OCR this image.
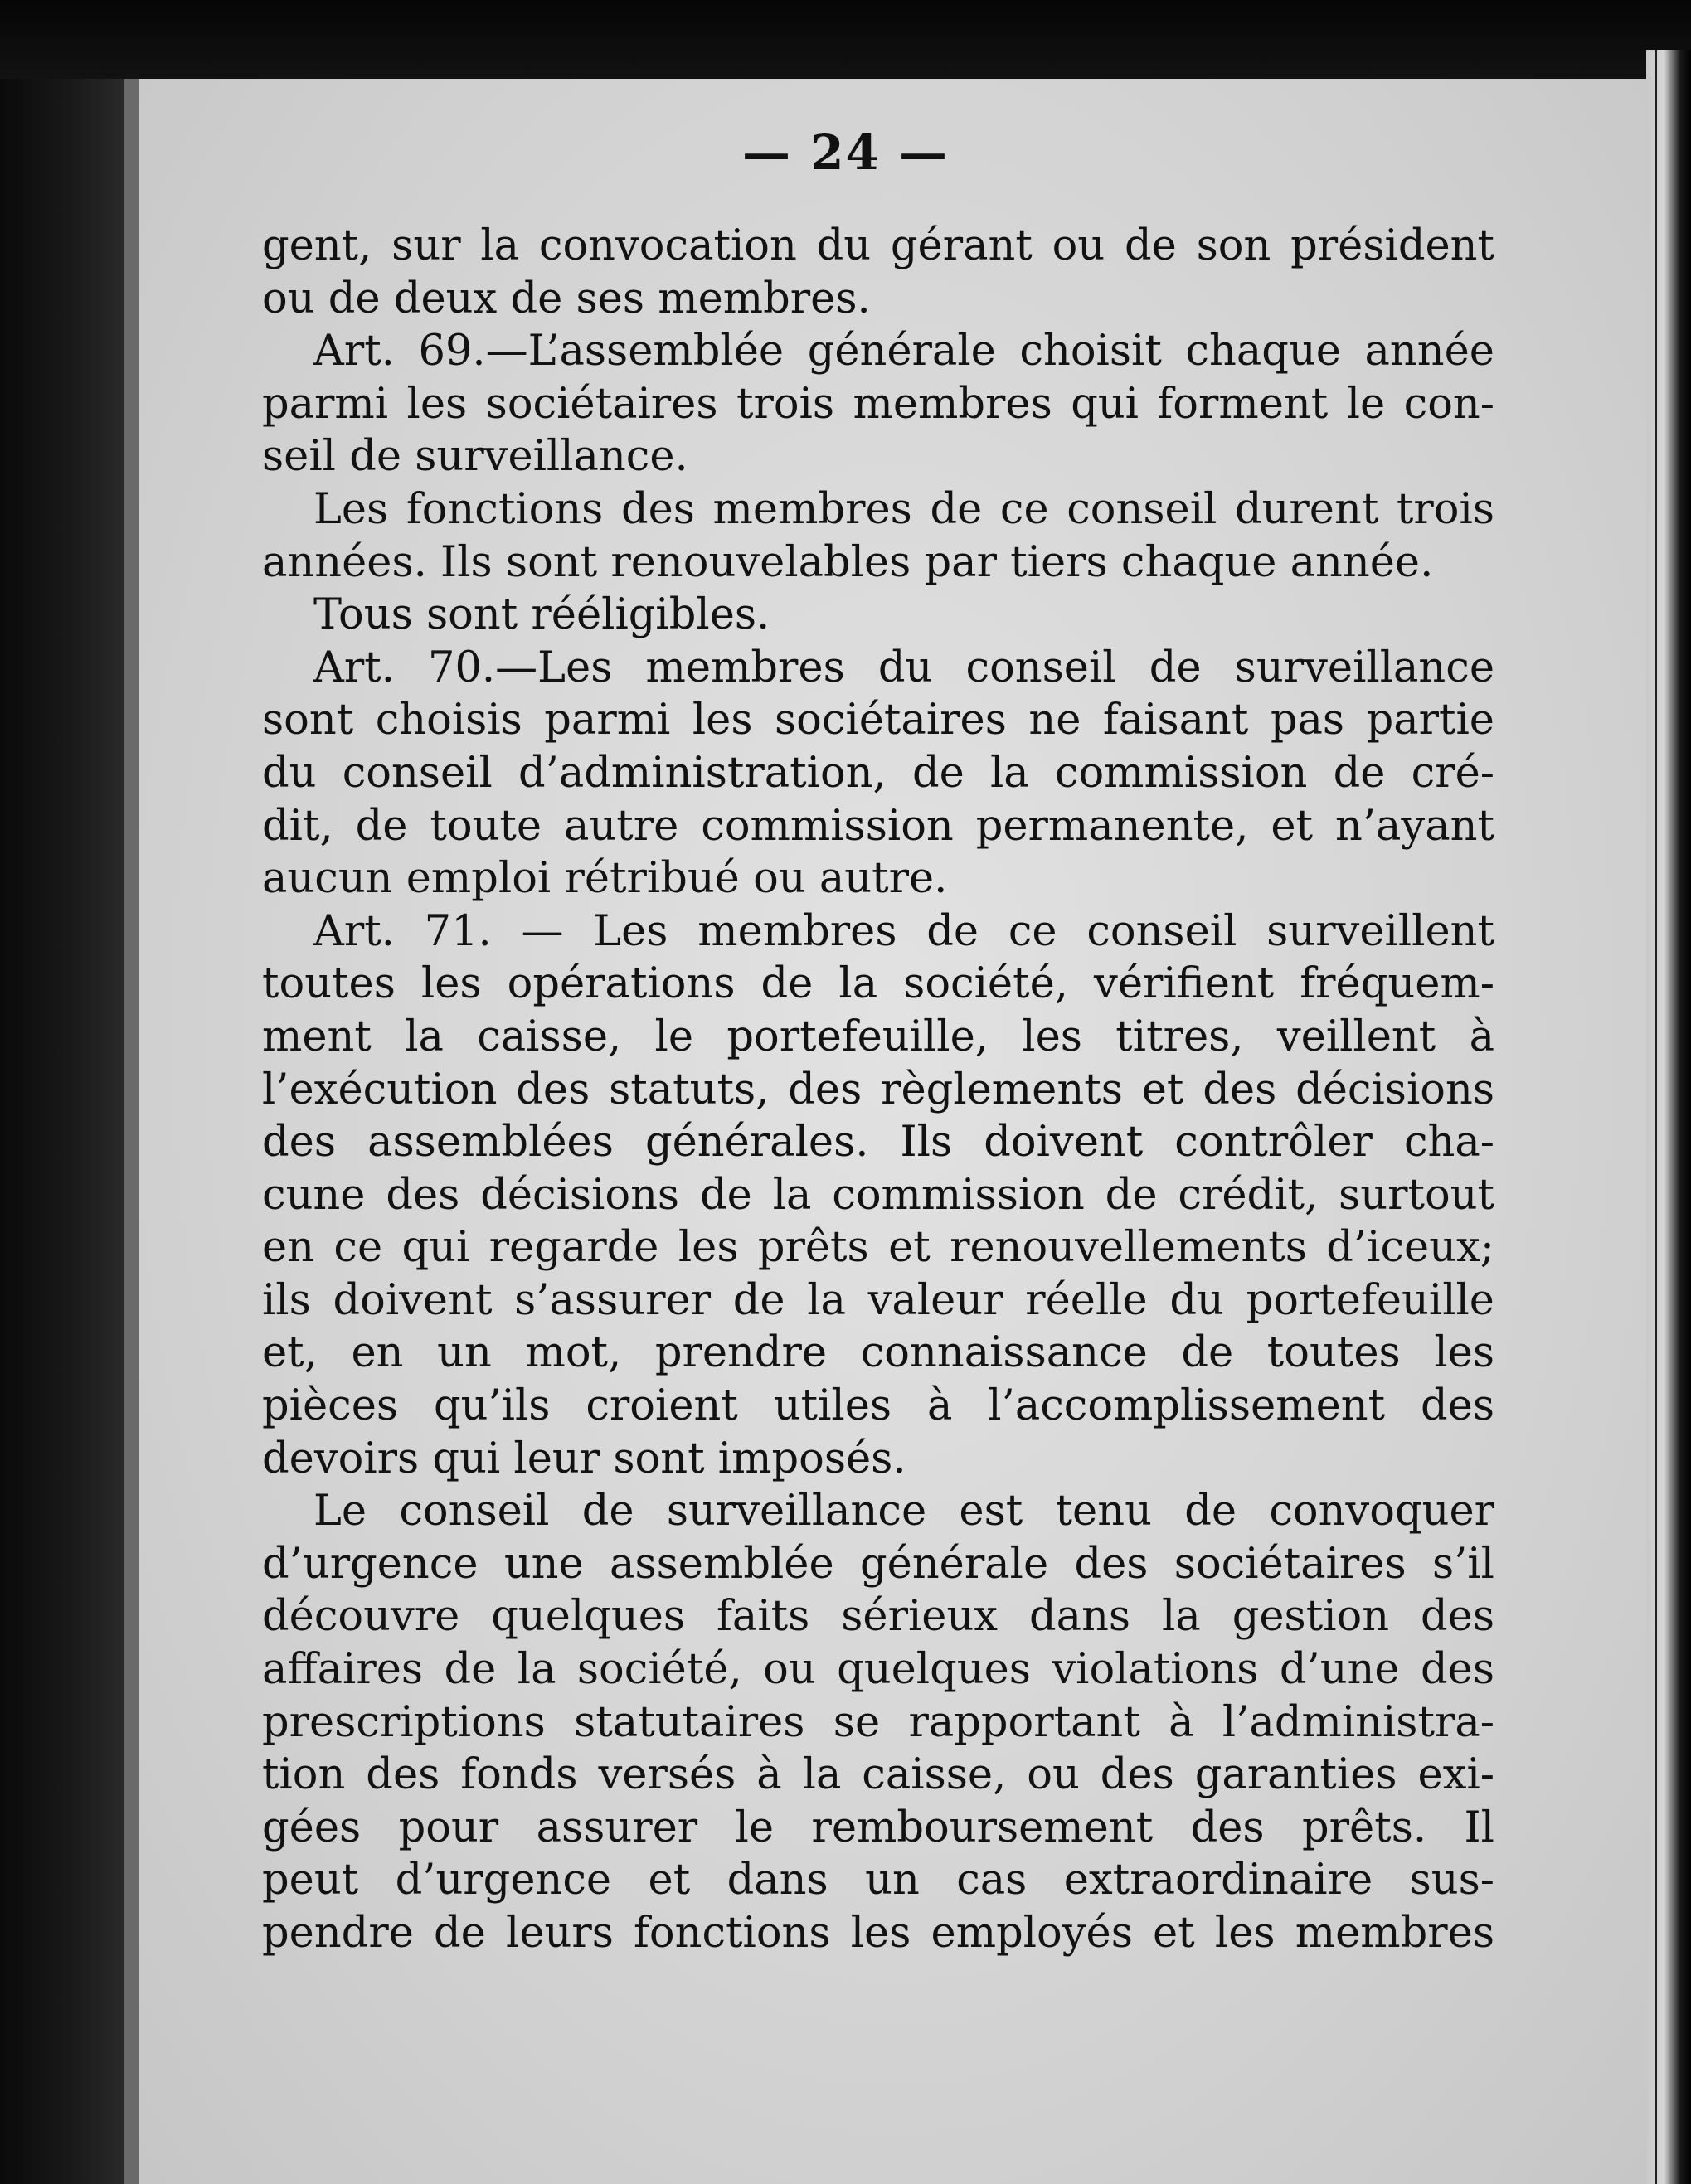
— 24 —
gent, sur la convocation du gérant ou de son président
ou de deux de ses membres.
Art. 69.—L’assemblée générale choisit chaque année
parmi les sociétaires trois membres qui forment le con-
seil de surveillance.
Les fonctions des membres de ce conseil durent trois
années. Ils sont renouvelables par tiers chaque année.
Tous sont rééligibles.
Art. 70.—Les membres du conseil de surveillance
sont choisis parmi les sociétaires ne faisant pas partie
du conseil d’administration, de la commission de cré-
dit, de toute autre commission permanente, et n’ayant
aucun emploi rétribué ou autre.
Art. 71. — Les membres de ce conseil surveillent
toutes les opérations de la société, vérifient fréquem-
ment la caisse, le portefeuille, les titres, veillent à
l’exécution des statuts, des règlements et des décisions
des assemblées générales. Ils doivent contrôler cha-
cune des décisions de la commission de crédit, surtout
en ce qui regarde les prêts et renouvellements d’iceux;
ils doivent s’assurer de la valeur réelle du portefeuille
et, en un mot, prendre connaissance de toutes les
pièces qu’ils croient utiles à l’accomplissement des
devoirs qui leur sont imposés.
Le conseil de surveillance est tenu de convoquer
d’urgence une assemblée générale des sociétaires s’il
découvre quelques faits sérieux dans la gestion des
affaires de la société, ou quelques violations d’une des
prescriptions statutaires se rapportant à l’administra-
tion des fonds versés à la caisse, ou des garanties exi-
gées pour assurer le remboursement des prêts. Il
peut d’urgence et dans un cas extraordinaire sus-
pendre de leurs fonctions les employés et les membres
